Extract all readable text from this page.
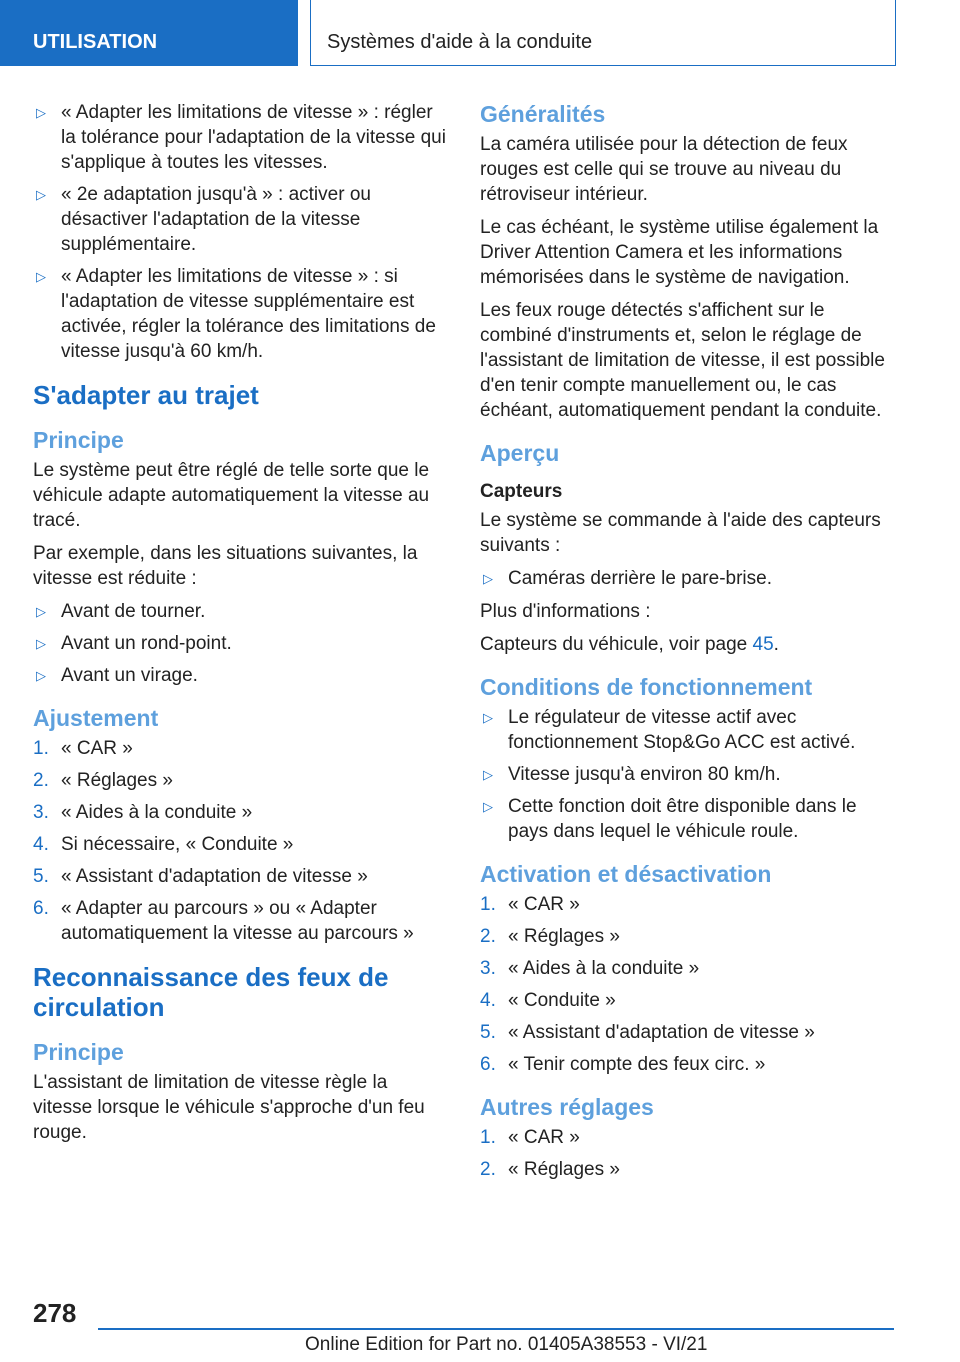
UTILISATION	Systèmes d'aide à la conduite
▷ « Adapter les limitations de vitesse » : régler la tolérance pour l'adaptation de la vitesse qui s'applique à toutes les vitesses.
▷ « 2e adaptation jusqu'à » : activer ou désactiver l'adaptation de la vitesse supplémentaire.
▷ « Adapter les limitations de vitesse » : si l'adaptation de vitesse supplémentaire est activée, régler la tolérance des limitations de vitesse jusqu'à 60 km/h.
S'adapter au trajet
Principe

Le système peut être réglé de telle sorte que le véhicule adapte automatiquement la vitesse au tracé.

Par exemple, dans les situations suivantes, la vitesse est réduite :

▷ Avant de tourner.
▷ Avant un rond-point.
▷ Avant un virage.
Ajustement
1. « CAR »
2. « Réglages »
3. « Aides à la conduite »
4. Si nécessaire, « Conduite »
5. « Assistant d'adaptation de vitesse »
6. « Adapter au parcours » ou « Adapter automatiquement la vitesse au parcours »
Reconnaissance des feux de circulation
Principe

L'assistant de limitation de vitesse règle la vitesse lorsque le véhicule s'approche d'un feu rouge.

Généralités

La caméra utilisée pour la détection de feux rouges est celle qui se trouve au niveau du rétroviseur intérieur.

Le cas échéant, le système utilise également la Driver Attention Camera et les informations mémorisées dans le système de navigation.

Les feux rouge détectés s'affichent sur le combiné d'instruments et, selon le réglage de l'assistant de limitation de vitesse, il est possible d'en tenir compte manuellement ou, le cas échéant, automatiquement pendant la conduite.

Aperçu
Capteurs

Le système se commande à l'aide des capteurs suivants :

▷ Caméras derrière le pare-brise.

Plus d'informations :

Capteurs du véhicule, voir page 45.

Conditions de fonctionnement
▷ Le régulateur de vitesse actif avec fonctionnement Stop&Go ACC est activé.
▷ Vitesse jusqu'à environ 80 km/h.
▷ Cette fonction doit être disponible dans le pays dans lequel le véhicule roule.
Activation et désactivation
1. « CAR »
2. « Réglages »
3. « Aides à la conduite »
4. « Conduite »
5. « Assistant d'adaptation de vitesse »
6. « Tenir compte des feux circ. »
Autres réglages
1. « CAR »
2. « Réglages »
278
Online Edition for Part no. 01405A38553 - VI/21
